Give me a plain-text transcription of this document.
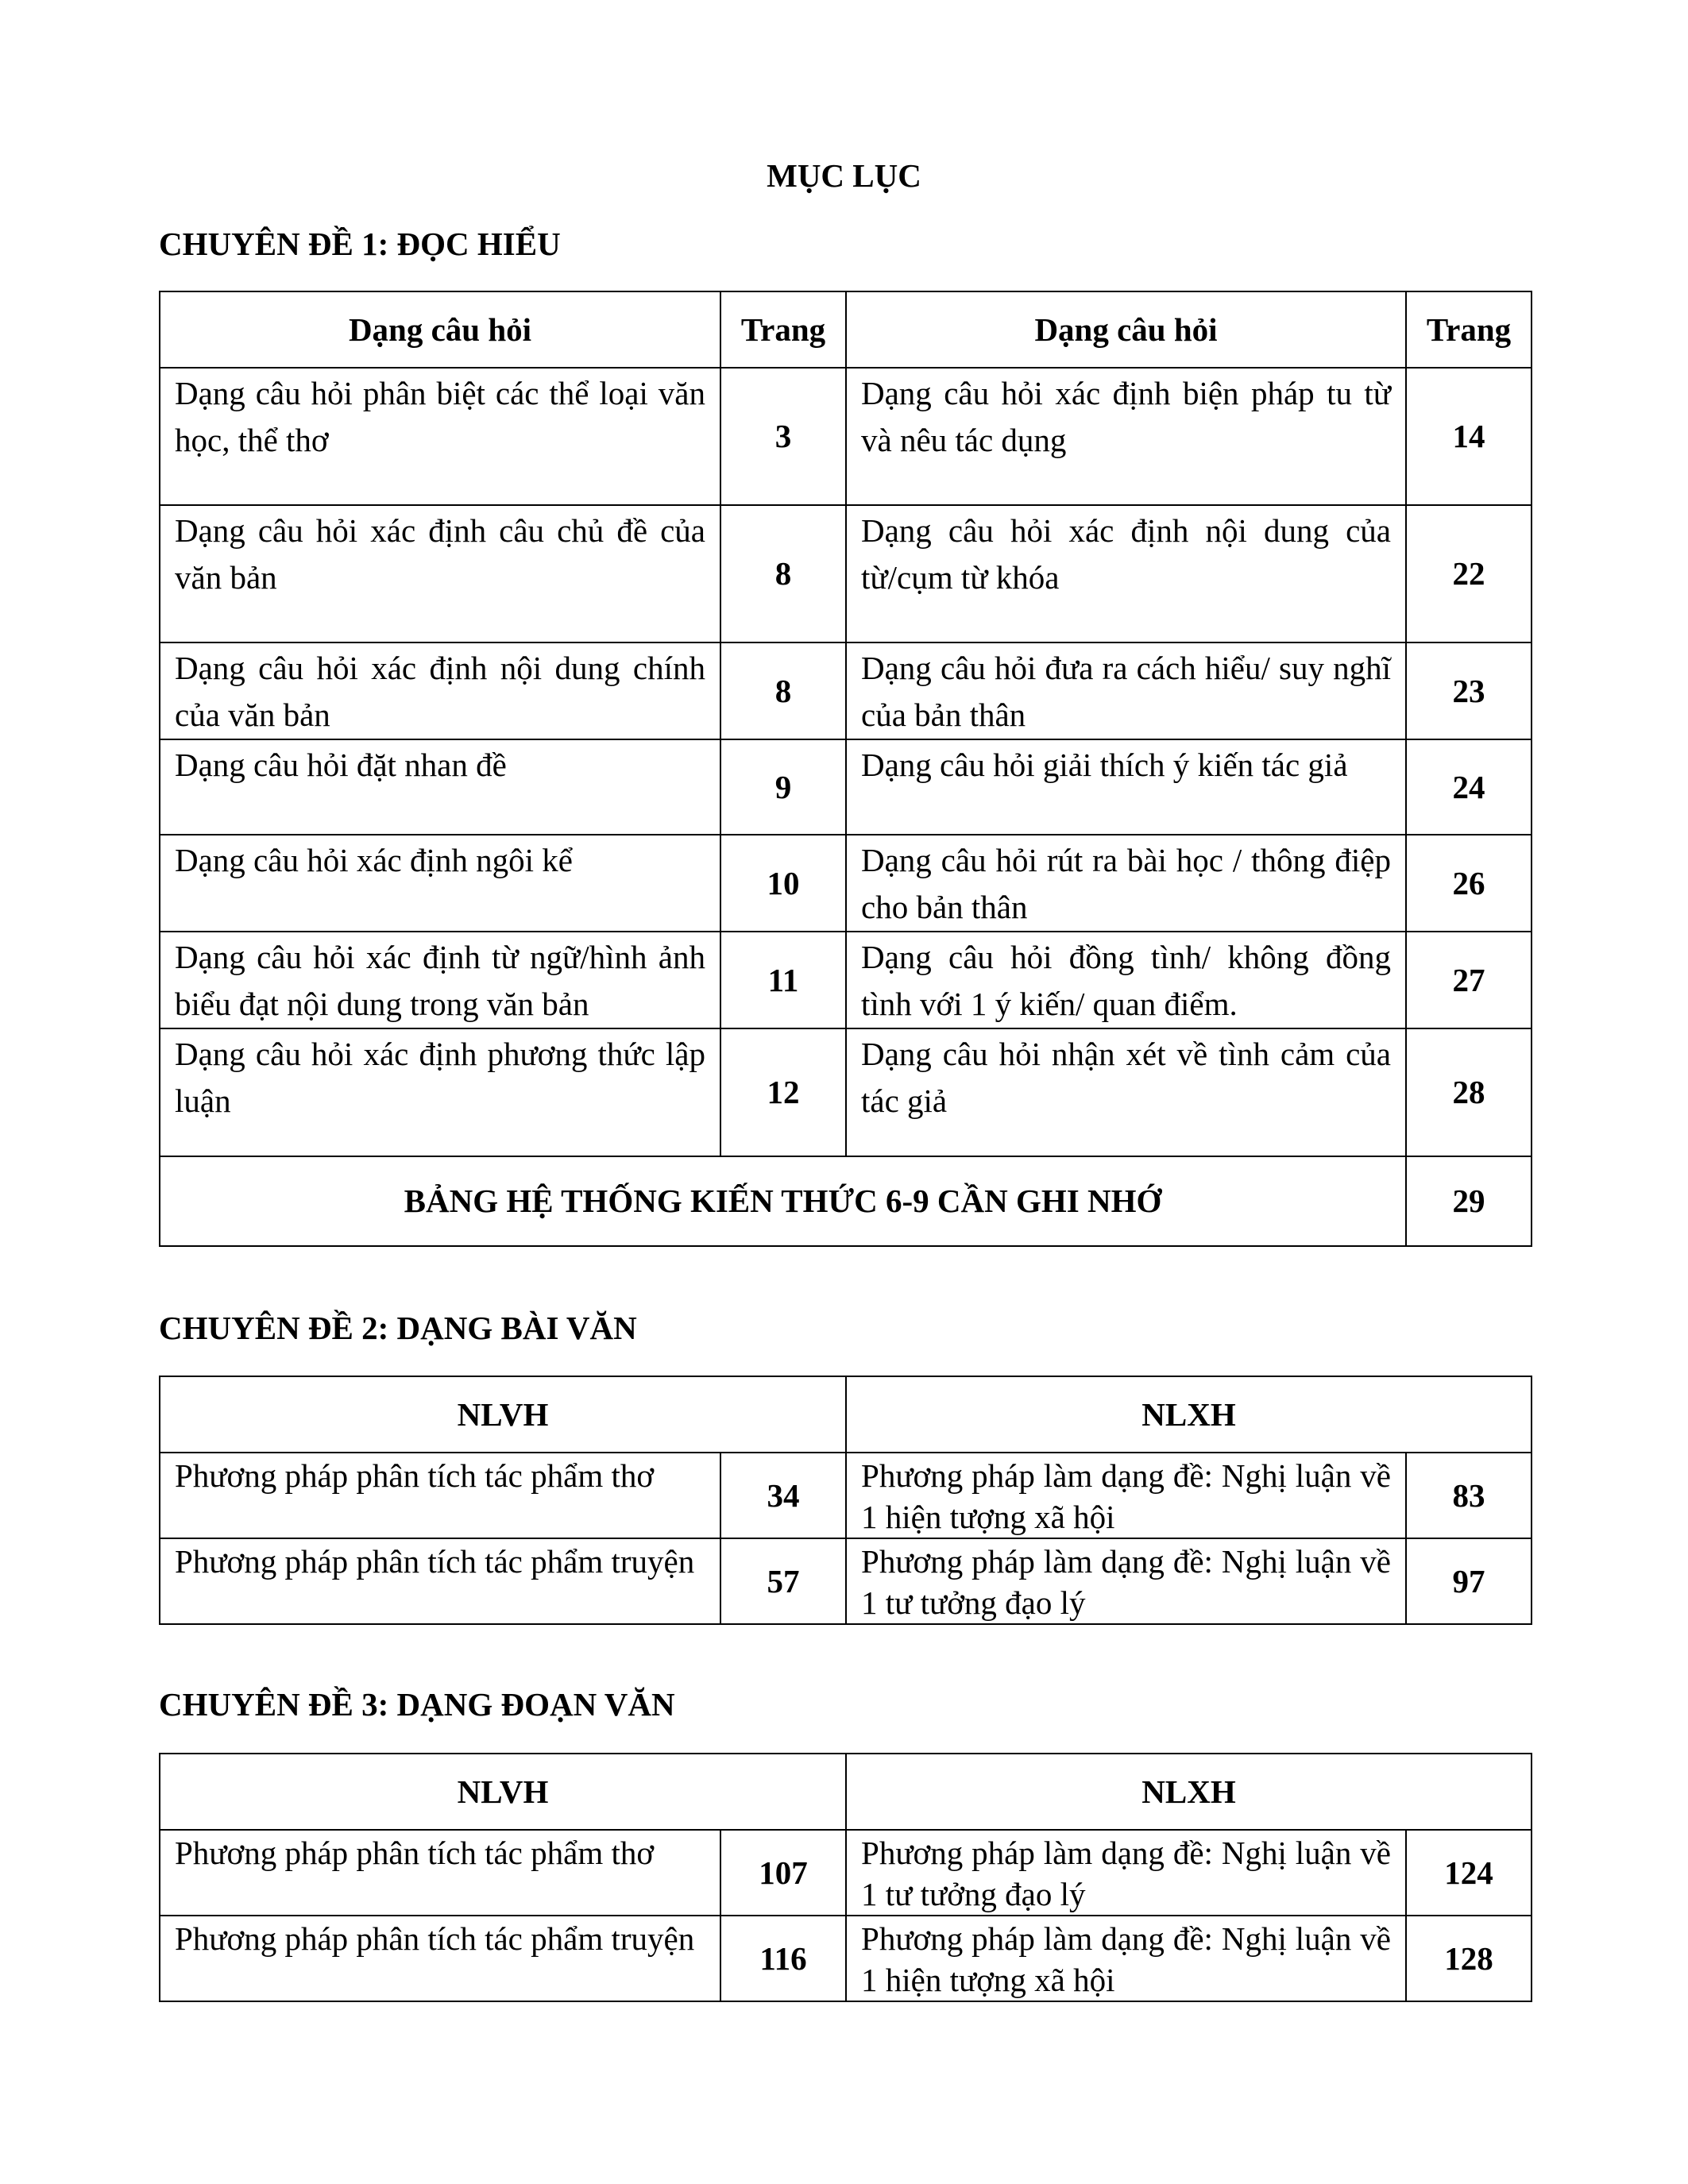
MỤC LỤC
CHUYÊN ĐỀ 1: ĐỌC HIỂU
Dạng câu hỏi	Trang	Dạng câu hỏi	Trang
Dạng câu hỏi phân biệt các thể loại văn học, thể thơ	3	Dạng câu hỏi xác định biện pháp tu từ và nêu tác dụng	14
Dạng câu hỏi xác định câu chủ đề của văn bản	8	Dạng câu hỏi xác định nội dung của từ/cụm từ khóa	22
Dạng câu hỏi xác định nội dung chính của văn bản	8	Dạng câu hỏi đưa ra cách hiểu/ suy nghĩ của bản thân	23
Dạng câu hỏi đặt nhan đề	9	Dạng câu hỏi giải thích ý kiến tác giả	24
Dạng câu hỏi xác định ngôi kể	10	Dạng câu hỏi rút ra bài học / thông điệp cho bản thân	26
Dạng câu hỏi xác định từ ngữ/hình ảnh biểu đạt nội dung trong văn bản	11	Dạng câu hỏi đồng tình/ không đồng tình với 1 ý kiến/ quan điểm.	27
Dạng câu hỏi xác định phương thức lập luận	12	Dạng câu hỏi nhận xét về tình cảm của tác giả	28
BẢNG HỆ THỐNG KIẾN THỨC 6-9 CẦN GHI NHỚ			29
CHUYÊN ĐỀ 2: DẠNG BÀI VĂN
NLVH		NLXH	
Phương pháp phân tích tác phẩm thơ	34	Phương pháp làm dạng đề: Nghị luận về 1 hiện tượng xã hội	83
Phương pháp phân tích tác phẩm truyện	57	Phương pháp làm dạng đề: Nghị luận về 1 tư tưởng đạo lý	97
CHUYÊN ĐỀ 3: DẠNG ĐOẠN VĂN
NLVH		NLXH	
Phương pháp phân tích tác phẩm thơ	107	Phương pháp làm dạng đề: Nghị luận về 1 tư tưởng đạo lý	124
Phương pháp phân tích tác phẩm truyện	116	Phương pháp làm dạng đề: Nghị luận về 1 hiện tượng xã hội	128
